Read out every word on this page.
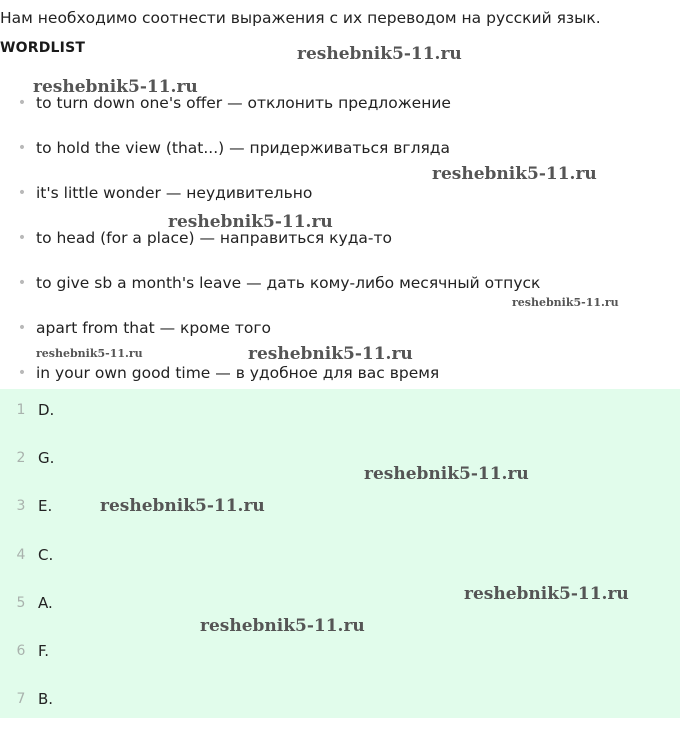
Нам необходимо соотнести выражения с их переводом на русский язык.
WORDLIST
• to turn down one's offer — отклонить предложение
• to hold the view (that...) — придерживаться вгляда
• it's little wonder — неудивительно
• to head (for a place) — направиться куда-то
• to give sb a month's leave — дать кому-либо месячный отпуск
• apart from that — кроме того
• in your own good time — в удобное для вас время
1 D.
2 G.
3 E.
4 C.
5 A.
6 F.
7 B.
reshebnik5-11.ru
reshebnik5-11.ru
reshebnik5-11.ru
reshebnik5-11.ru
reshebnik5-11.ru
reshebnik5-11.ru	reshebnik5-11.ru
reshebnik5-11.ru
reshebnik5-11.ru
reshebnik5-11.ru
reshebnik5-11.ru
